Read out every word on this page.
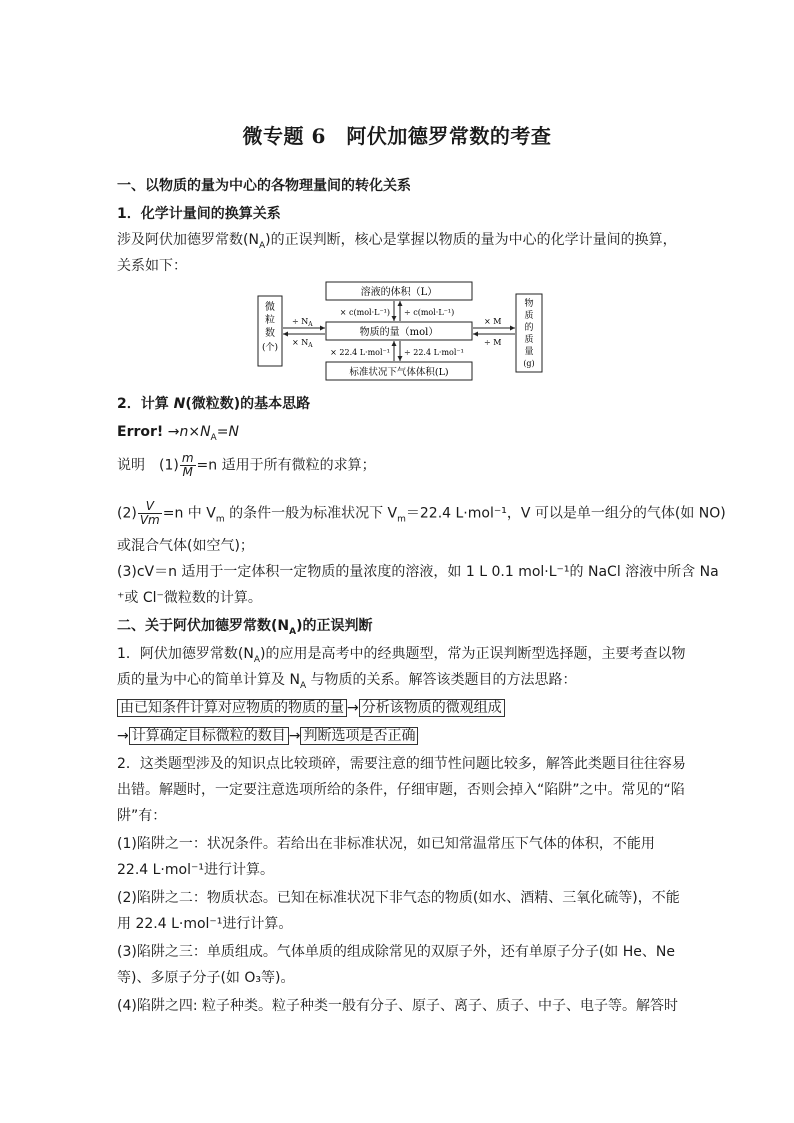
微专题 6　阿伏加德罗常数的考查
一、以物质的量为中心的各物理量间的转化关系
1．化学计量间的换算关系
涉及阿伏加德罗常数$(N_A)$的正误判断，核心是掌握以物质的量为中心的化学计量间的换算，
关系如下：
微
粒
数
(个)
物
质
的
质
量
(g)
溶液的体积（L）
物质的量（mol）
标准状况下气体体积(L)
× c(mol·L⁻¹) ÷ c(mol·L⁻¹)
× 22.4 L·mol⁻¹ ÷ 22.4 L·mol⁻¹
÷ $N_A$
× $N_A$
× M
÷ M
2．计算 N(微粒数)的基本思路
Error! $\to n\times N_A=N$
说明　$(1) \frac{m}{M} =n$ 适用于所有微粒的求算；
$(2) \frac{V}{Vm} =n$ 中 $V_m$ 的条件一般为标准状况下 $V_m=22.4$ L·mol⁻¹，V 可以是单一组分的气体(如 NO)
或混合气体(如空气)；
(3)cV＝n 适用于一定体积一定物质的量浓度的溶液，如 1 L 0.1 mol·L⁻¹的 NaCl 溶液中所含 Na
⁺或 Cl⁻微粒数的计算。
二、关于阿伏加德罗常数$(N_A)$的正误判断
1．阿伏加德罗常数$(N_A)$的应用是高考中的经典题型，常为正误判断型选择题，主要考查以物
质的量为中心的简单计算及 $N_A$ 与物质的关系。解答该类题目的方法思路：
由已知条件计算对应物质的物质的量 → 分析该物质的微观组成
→ 计算确定目标微粒的数目 → 判断选项是否正确
2．这类题型涉及的知识点比较琐碎，需要注意的细节性问题比较多，解答此类题目往往容易
出错。解题时，一定要注意选项所给的条件，仔细审题，否则会掉入“陷阱”之中。常见的“陷
阱”有：
(1)陷阱之一：状况条件。若给出在非标准状况，如已知常温常压下气体的体积，不能用
22.4 L·mol⁻¹进行计算。
(2)陷阱之二：物质状态。已知在标准状况下非气态的物质(如水、酒精、三氧化硫等)，不能
用 22.4 L·mol⁻¹进行计算。
(3)陷阱之三：单质组成。气体单质的组成除常见的双原子外，还有单原子分子(如 He、Ne
等)、多原子分子(如 O₃等)。
(4)陷阱之四: 粒子种类。粒子种类一般有分子、原子、离子、质子、中子、电子等。解答时
